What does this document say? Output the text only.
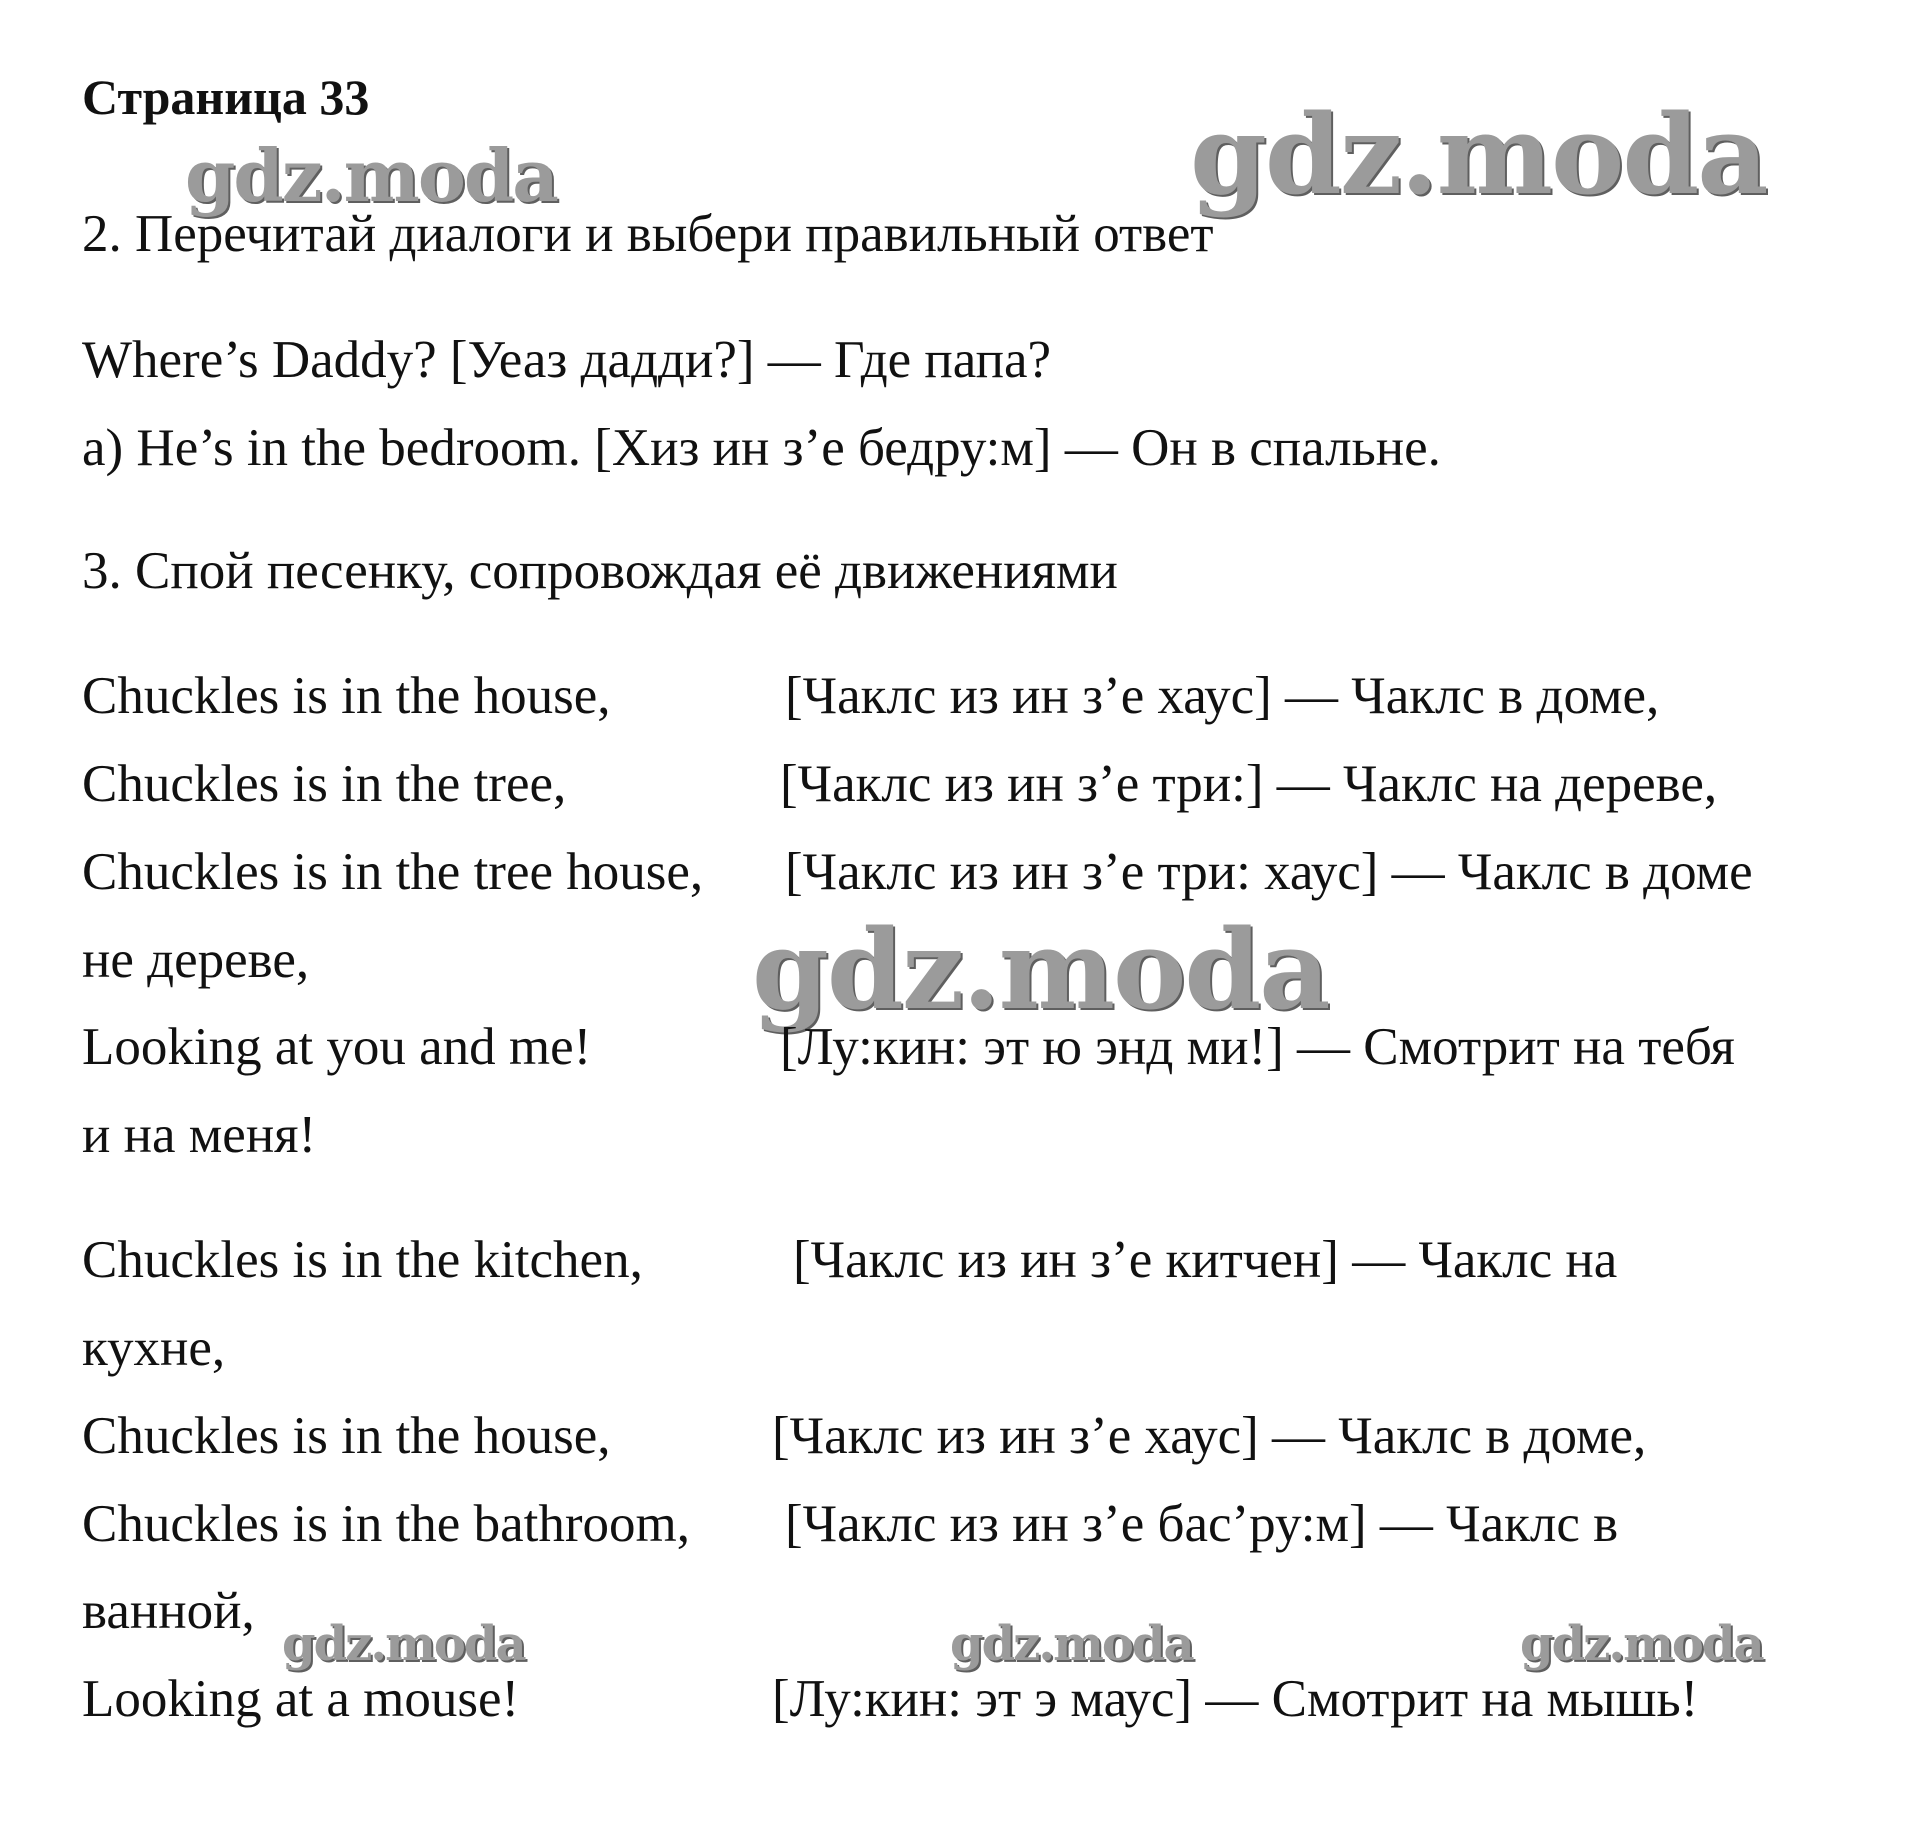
gdz.moda	gdz.moda
gdz.moda
gdz.moda	gdz.moda	gdz.moda
Страница 33
2. Перечитай диалоги и выбери правильный ответ
Where’s Daddy? [Уеаз дадди?] — Где папа?
a) He’s in the bedroom. [Хиз ин з’е бедру:м] — Он в спальне.
3. Спой песенку, сопровождая её движениями
Chuckles is in the house,	[Чаклс из ин з’е хаус] — Чаклс в доме,
Chuckles is in the tree,	[Чаклс из ин з’е три:] — Чаклс на дереве,
Chuckles is in the tree house, [Чаклс из ин з’е три: хаус] — Чаклс в доме
не дереве,
Looking at you and me!	[Лу:кин: эт ю энд ми!] — Смотрит на тебя
и на меня!
Chuckles is in the kitchen,	[Чаклс из ин з’е китчен] — Чаклс на
кухне,
Chuckles is in the house,	[Чаклс из ин з’е хаус] — Чаклс в доме,
Chuckles is in the bathroom, [Чаклс из ин з’е бас’ру:м] — Чаклс в
ванной,
Looking at a mouse!	[Лу:кин: эт э маус] — Смотрит на мышь!
